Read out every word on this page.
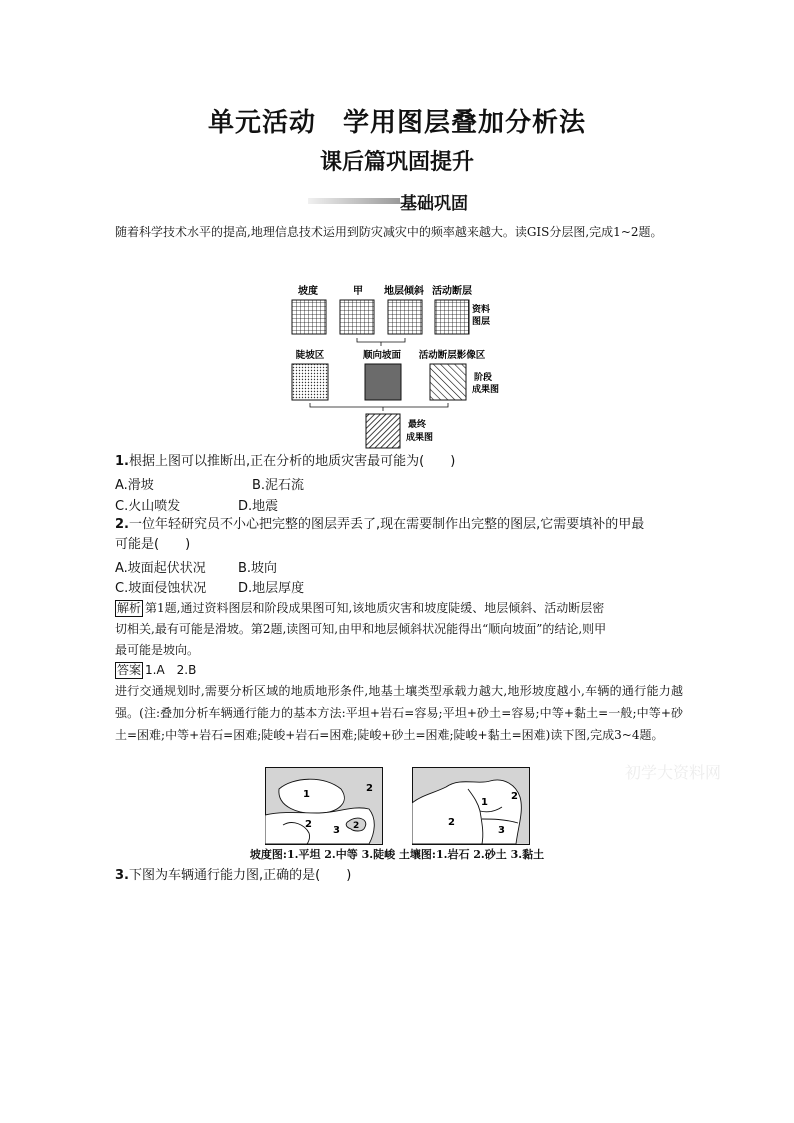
单元活动　学用图层叠加分析法
课后篇巩固提升
基础巩固
随着科学技术水平的提高,地理信息技术运用到防灾减灾中的频率越来越大。读GIS分层图,完成1~2题。
坡度	甲 地层倾斜 活动断层
资料
图层
陡坡区	顺向坡面 活动断层影像区
阶段
成果图
最终
成果图
1.根据上图可以推断出,正在分析的地质灾害最可能为(　　)
A.滑坡	B.泥石流
C.火山喷发	D.地震
2.一位年轻研究员不小心把完整的图层弄丢了,现在需要制作出完整的图层,它需要填补的甲最
可能是(　　)
A.坡面起伏状况 B.坡向
C.坡面侵蚀状况 D.地层厚度
解析 第1题,通过资料图层和阶段成果图可知,该地质灾害和坡度陡缓、地层倾斜、活动断层密
切相关,最有可能是滑坡。第2题,读图可知,由甲和地层倾斜状况能得出“顺向坡面”的结论,则甲
最可能是坡向。
答案 1.A　2.B
进行交通规划时,需要分析区域的地质地形条件,地基土壤类型承载力越大,地形坡度越小,车辆的通行能力越强。(注:叠加分析车辆通行能力的基本方法:平坦+岩石=容易;平坦+砂土=容易;中等+黏土=一般;中等+砂土=困难;中等+岩石=困难;陡峻+岩石=困难;陡峻+砂土=困难;陡峻+黏土=困难)读下图,完成3~4题。
初学大资料网
1
2
2
3 2
1
2
2
3
坡度图:1.平坦 2.中等 3.陡峻 土壤图:1.岩石 2.砂土 3.黏土
3.下图为车辆通行能力图,正确的是(　　)
